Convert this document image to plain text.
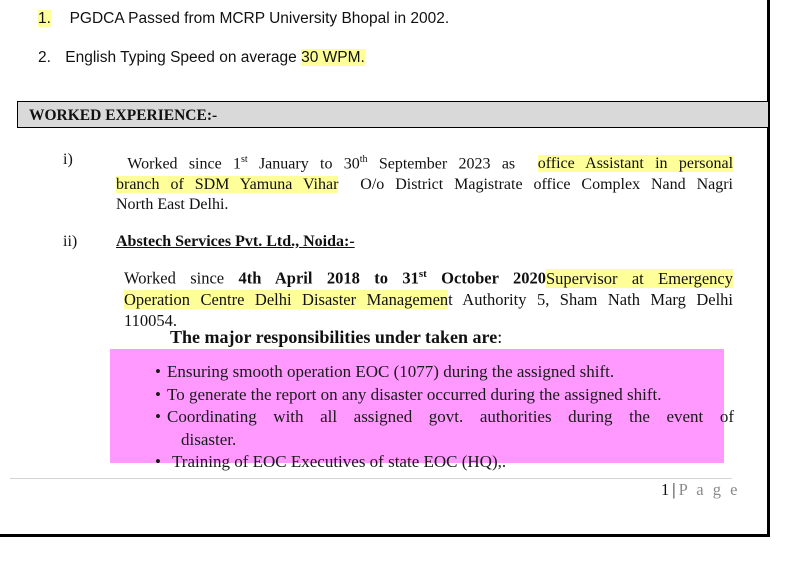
1. PGDCA Passed from MCRP University Bhopal in 2002.
2. English Typing Speed on average 30 WPM.
WORKED EXPERIENCE:-
i)	Worked since 1st January to 30th September 2023 as  office Assistant in personal
branch of SDM Yamuna Vihar O/o District Magistrate office Complex Nand Nagri
North East Delhi.
ii) Abstech Services Pvt. Ltd., Noida:-
Worked since 4th April 2018 to 31st October 2020Supervisor at Emergency
Operation Centre Delhi Disaster Management Authority 5, Sham Nath Marg Delhi
110054.
The major responsibilities under taken are:
• Ensuring smooth operation EOC (1077) during the assigned shift.
• To generate the report on any disaster occurred during the assigned shift.
• Coordinating with all assigned govt. authorities during the event of
disaster.
• Training of EOC Executives of state EOC (HQ),.
1 | P a g e
